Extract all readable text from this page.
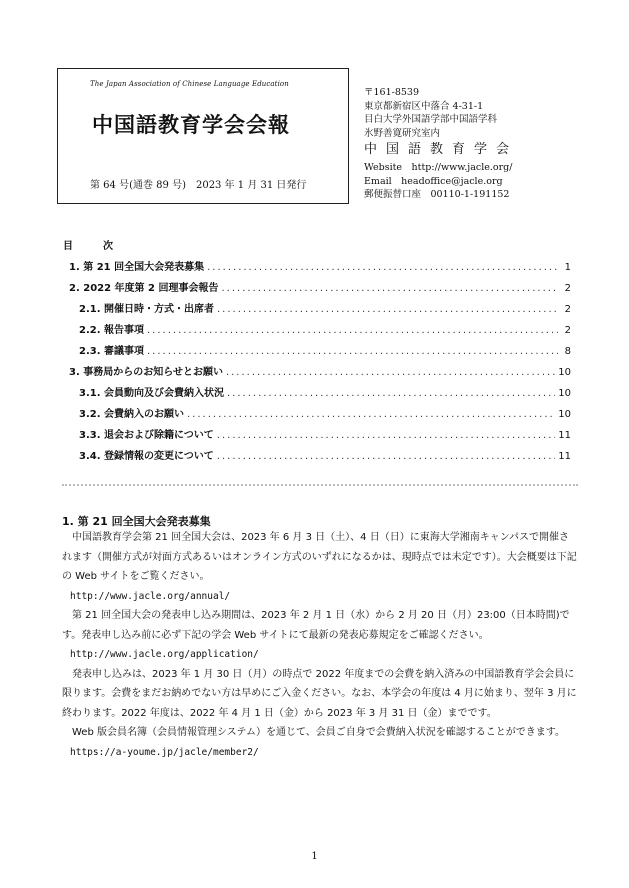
The Japan Association of Chinese Language Education
中国語教育学会会報
第 64 号(通巻 89 号)　2023 年 1 月 31 日発行
〒161-8539
東京都新宿区中落合 4-31-1
目白大学外国語学部中国語学科
氷野善寛研究室内
中国語教育学会
Website　http://www.jacle.org/
Email　headoffice@jacle.org
郵便振替口座　00110-1-191152
目　次
1. 第 21 回全国大会発表募集 .....	1
2. 2022 年度第 2 回理事会報告 .....	2
2.1. 開催日時・方式・出席者 .....	2
2.2. 報告事項 .....	2
2.3. 審議事項 .....	8
3. 事務局からのお知らせとお願い .....	10
3.1. 会員動向及び会費納入状況 .....	10
3.2. 会費納入のお願い .....	10
3.3. 退会および除籍について .....	11
3.4. 登録情報の変更について .....	11
1. 第 21 回全国大会発表募集

中国語教育学会第 21 回全国大会は、2023 年 6 月 3 日（土）、4 日（日）に東海大学湘南キャンパスで開催されます（開催方式が対面方式あるいはオンライン方式のいずれになるかは、現時点では未定です）。大会概要は下記の Web サイトをご覧ください。

http://www.jacle.org/annual/

第 21 回全国大会の発表申し込み期間は、2023 年 2 月 1 日（水）から 2 月 20 日（月）23:00（日本時間)です。発表申し込み前に必ず下記の学会 Web サイトにて最新の発表応募規定をご確認ください。

http://www.jacle.org/application/

発表申し込みは、2023 年 1 月 30 日（月）の時点で 2022 年度までの会費を納入済みの中国語教育学会会員に限ります。会費をまだお納めでない方は早めにご入金ください。なお、本学会の年度は 4 月に始まり、翌年 3 月に終わります。2022 年度は、2022 年 4 月 1 日（金）から 2023 年 3 月 31 日（金）までです。

Web 版会員名簿（会員情報管理システム）を通じて、会員ご自身で会費納入状況を確認することができます。

https://a-youme.jp/jacle/member2/

1
